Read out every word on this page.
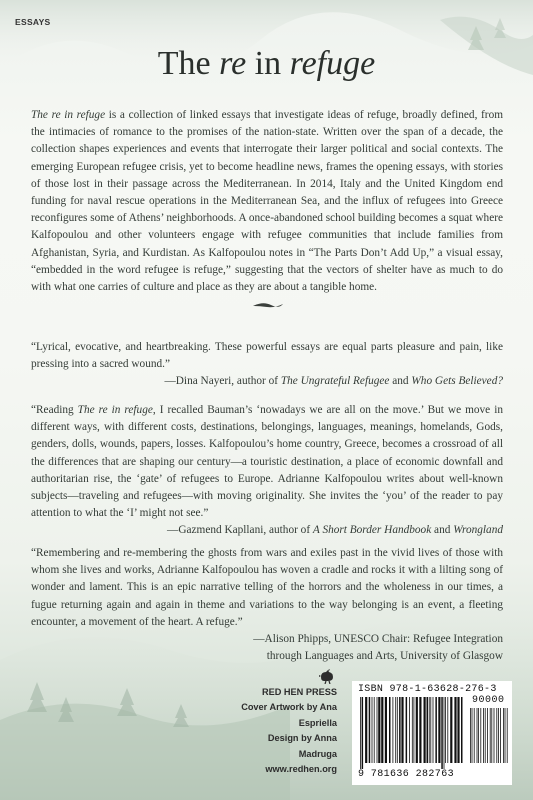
ESSAYS
The re in refuge
The re in refuge is a collection of linked essays that investigate ideas of refuge, broadly defined, from the intimacies of romance to the promises of the nation-state. Written over the span of a decade, the collection shapes experiences and events that interrogate their larger political and social contexts. The emerging European refugee crisis, yet to become headline news, frames the opening essays, with stories of those lost in their passage across the Mediterranean. In 2014, Italy and the United Kingdom end funding for naval rescue operations in the Mediterranean Sea, and the influx of refugees into Greece reconfigures some of Athens’ neighborhoods. A once-abandoned school building becomes a squat where Kalfopoulou and other volunteers engage with refugee communities that include families from Afghanistan, Syria, and Kurdistan. As Kalfopoulou notes in “The Parts Don’t Add Up,” a visual essay, “embedded in the word refugee is refuge,” suggesting that the vectors of shelter have as much to do with what one carries of culture and place as they are about a tangible home.

“Lyrical, evocative, and heartbreaking. These powerful essays are equal parts pleasure and pain, like pressing into a sacred wound.”

—Dina Nayeri, author of The Ungrateful Refugee and Who Gets Believed?

“Reading The re in refuge, I recalled Bauman’s ‘nowadays we are all on the move.’ But we move in different ways, with different costs, destinations, belongings, languages, meanings, homelands, Gods, genders, dolls, wounds, papers, losses. Kalfopoulou’s home country, Greece, becomes a crossroad of all the differences that are shaping our century—a touristic destination, a place of economic downfall and authoritarian rise, the ‘gate’ of refugees to Europe. Adrianne Kalfopoulou writes about well-known subjects—traveling and refugees—with moving originality. She invites the ‘you’ of the reader to pay attention to what the ‘I’ might not see.”

—Gazmend Kapllani, author of A Short Border Handbook and Wrongland

“Remembering and re-membering the ghosts from wars and exiles past in the vivid lives of those with whom she lives and works, Adrianne Kalfopoulou has woven a cradle and rocks it with a lilting song of wonder and lament. This is an epic narrative telling of the horrors and the wholeness in our times, a fugue returning again and again in theme and variations to the way belonging is an event, a fleeting encounter, a movement of the heart. A refuge.”

—Alison Phipps, UNESCO Chair: Refugee Integration
through Languages and Arts, University of Glasgow
RED HEN PRESS
Cover Artwork by Ana Espriella
Design by Anna Madruga
www.redhen.org
ISBN 978-1-63628-276-3
90000
9 781636 282763
